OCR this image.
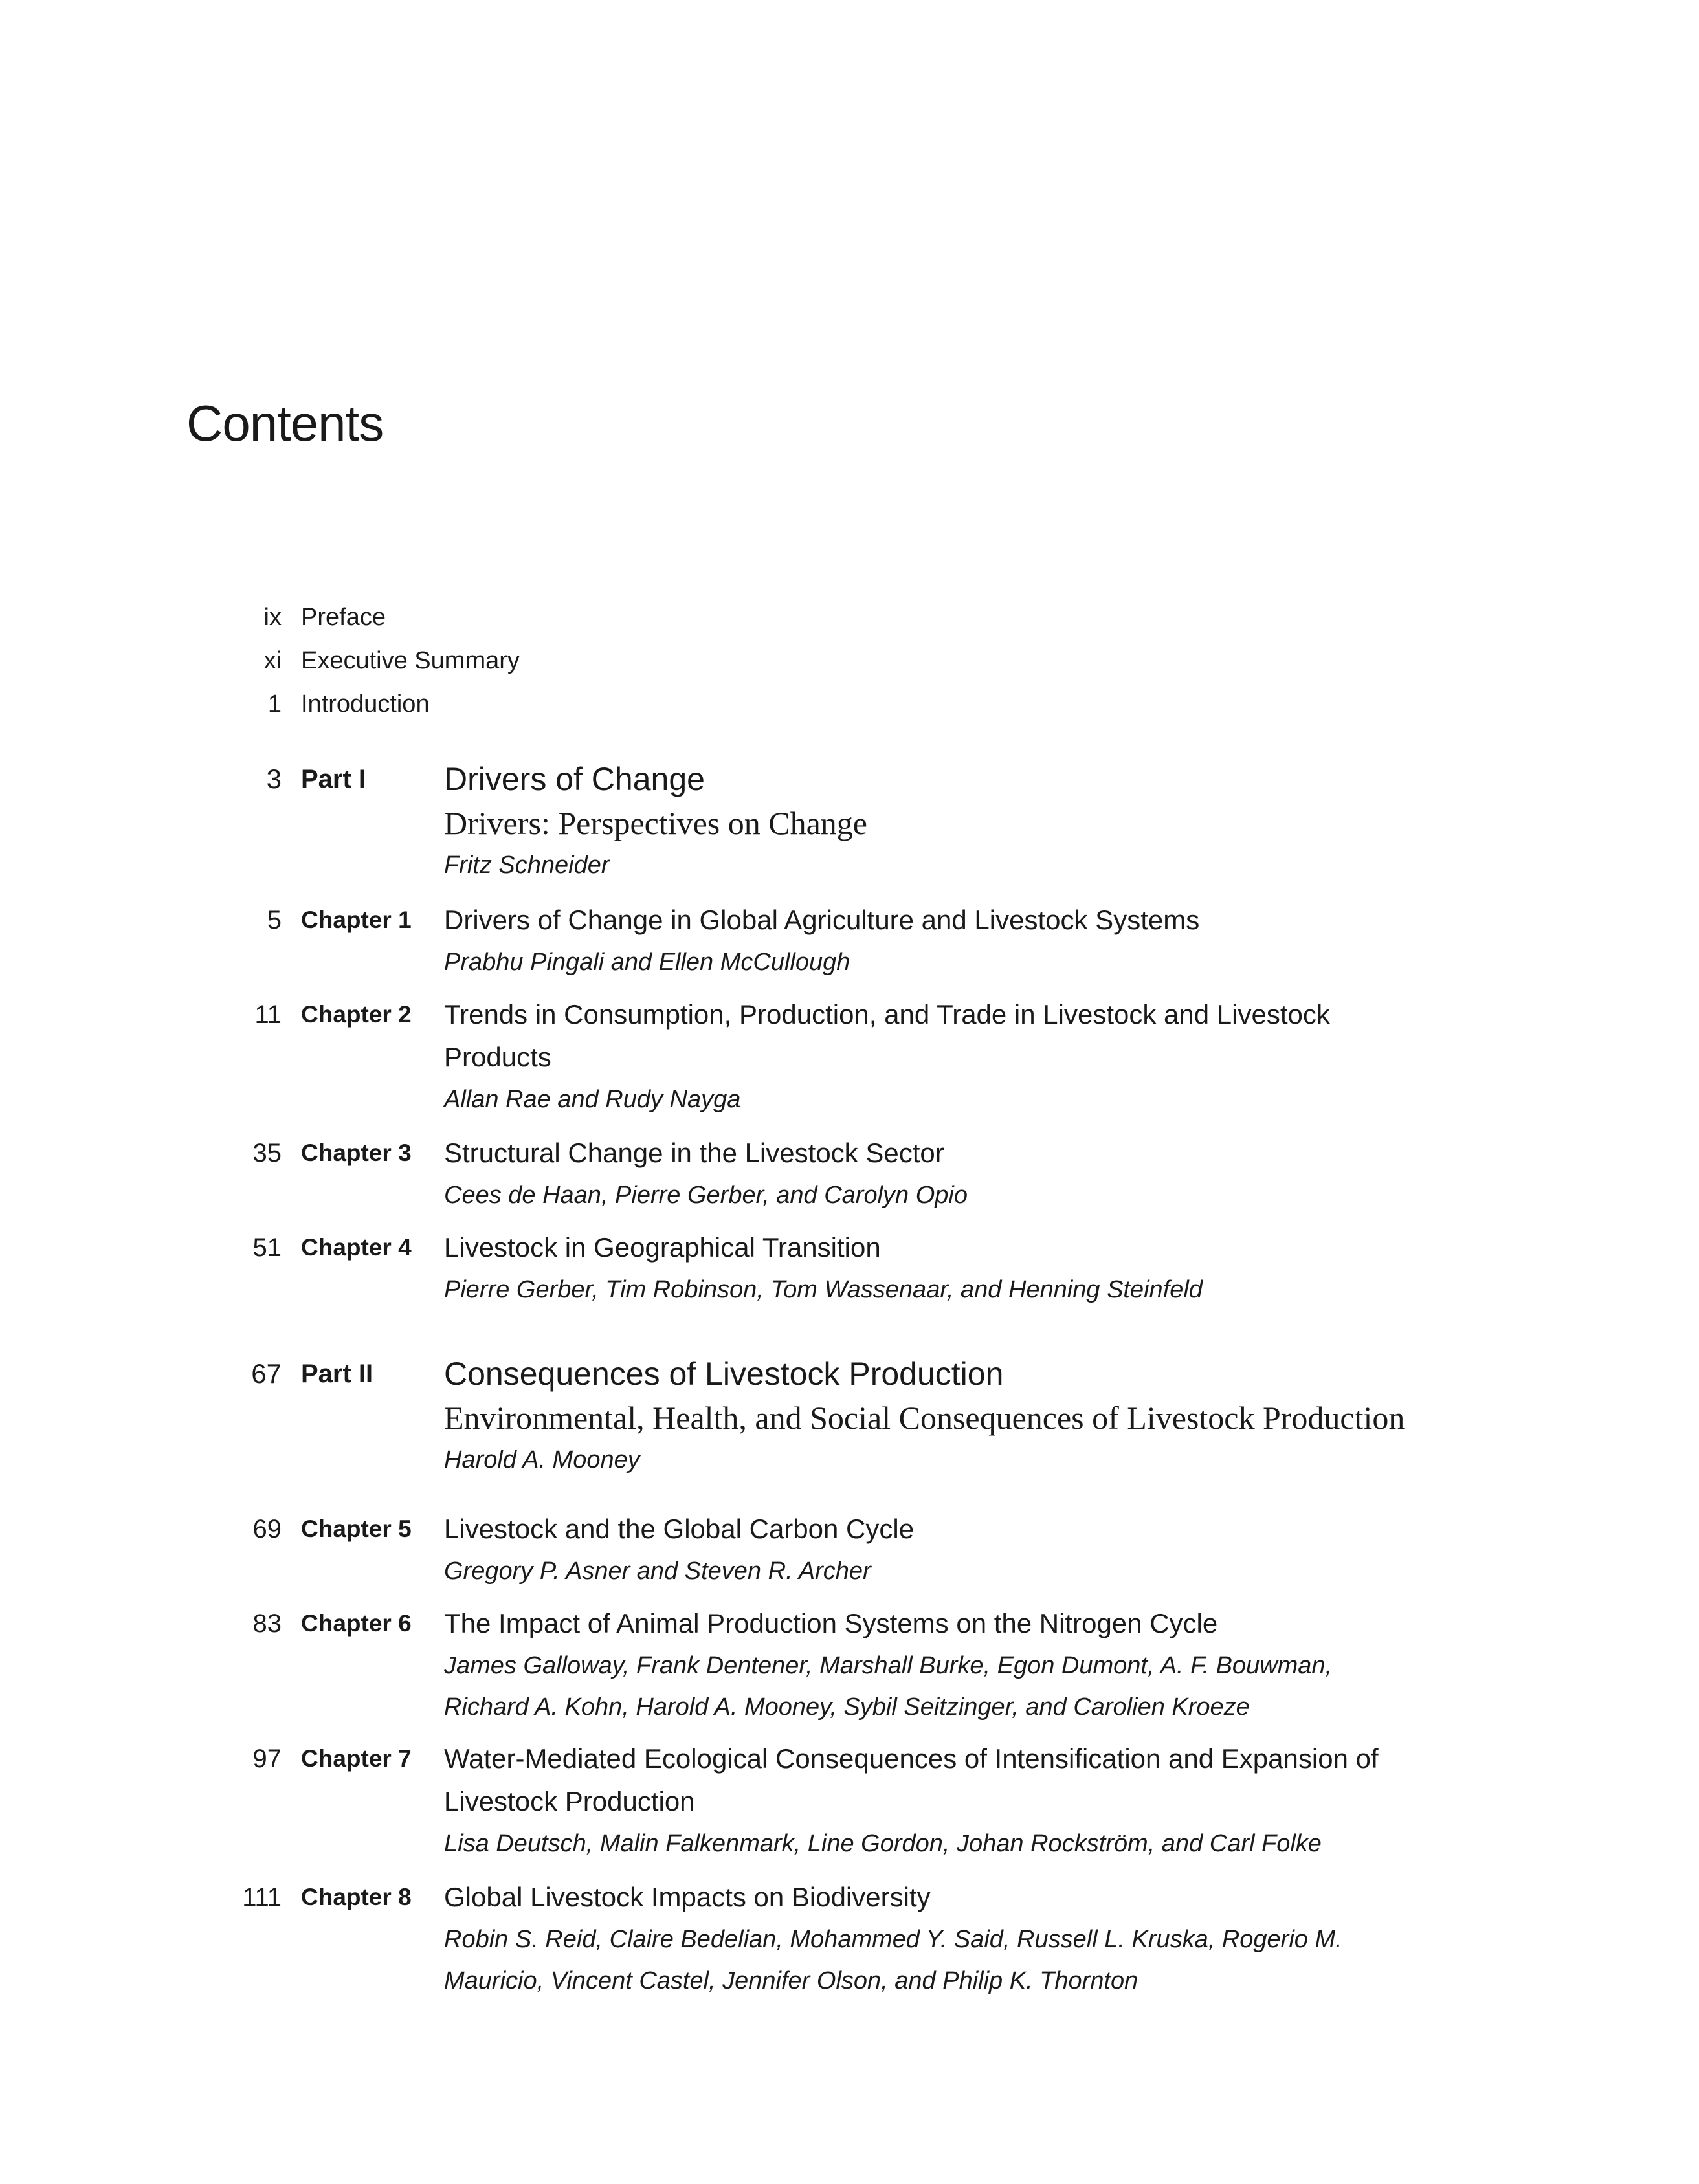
Contents
ix Preface
xi Executive Summary
1 Introduction
3 Part I Drivers of Change
Drivers: Perspectives on Change
Fritz Schneider
5 Chapter 1 Drivers of Change in Global Agriculture and Livestock Systems
Prabhu Pingali and Ellen McCullough
11 Chapter 2 Trends in Consumption, Production, and Trade in Livestock and Livestock Products
Allan Rae and Rudy Nayga
35 Chapter 3 Structural Change in the Livestock Sector
Cees de Haan, Pierre Gerber, and Carolyn Opio
51 Chapter 4 Livestock in Geographical Transition
Pierre Gerber, Tim Robinson, Tom Wassenaar, and Henning Steinfeld
67 Part II Consequences of Livestock Production
Environmental, Health, and Social Consequences of Livestock Production
Harold A. Mooney
69 Chapter 5 Livestock and the Global Carbon Cycle
Gregory P. Asner and Steven R. Archer
83 Chapter 6 The Impact of Animal Production Systems on the Nitrogen Cycle
James Galloway, Frank Dentener, Marshall Burke, Egon Dumont, A. F. Bouwman, Richard A. Kohn, Harold A. Mooney, Sybil Seitzinger, and Carolien Kroeze
97 Chapter 7 Water-Mediated Ecological Consequences of Intensification and Expansion of Livestock Production
Lisa Deutsch, Malin Falkenmark, Line Gordon, Johan Rockström, and Carl Folke
111 Chapter 8 Global Livestock Impacts on Biodiversity
Robin S. Reid, Claire Bedelian, Mohammed Y. Said, Russell L. Kruska, Rogerio M. Mauricio, Vincent Castel, Jennifer Olson, and Philip K. Thornton
